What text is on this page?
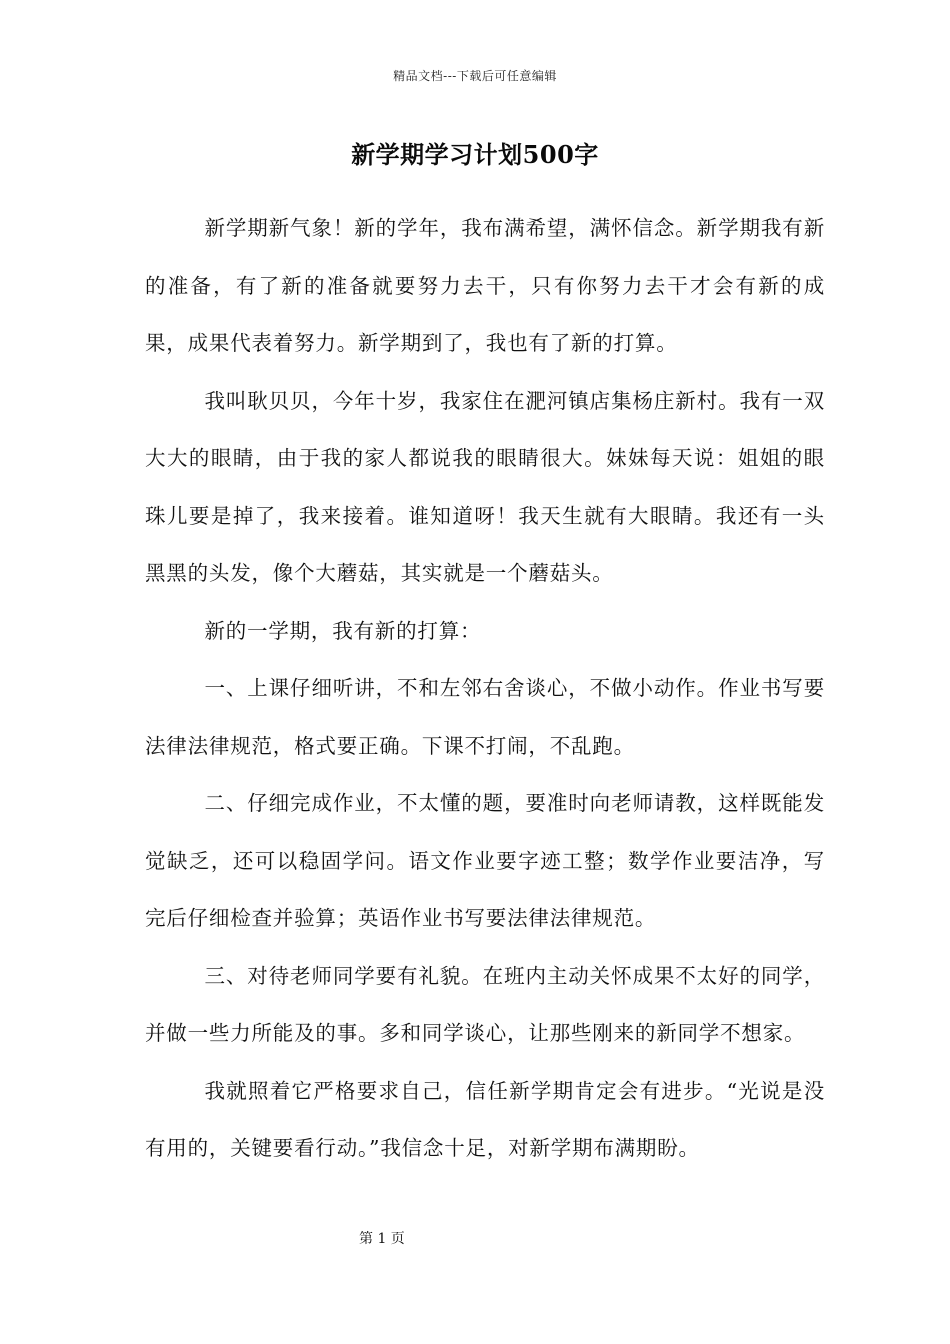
精品文档---下载后可任意编辑
新学期学习计划500字

新学期新气象！新的学年，我布满希望，满怀信念。新学期我有新的准备，有了新的准备就要努力去干，只有你努力去干才会有新的成果，成果代表着努力。新学期到了，我也有了新的打算。

我叫耿贝贝，今年十岁，我家住在淝河镇店集杨庄新村。我有一双大大的眼睛，由于我的家人都说我的眼睛很大。妹妹每天说：姐姐的眼珠儿要是掉了，我来接着。谁知道呀！我天生就有大眼睛。我还有一头黑黑的头发，像个大蘑菇，其实就是一个蘑菇头。

新的一学期，我有新的打算：

一、上课仔细听讲，不和左邻右舍谈心，不做小动作。作业书写要法律法律规范，格式要正确。下课不打闹，不乱跑。

二、仔细完成作业，不太懂的题，要准时向老师请教，这样既能发觉缺乏，还可以稳固学问。语文作业要字迹工整；数学作业要洁净，写完后仔细检查并验算；英语作业书写要法律法律规范。

三、对待老师同学要有礼貌。在班内主动关怀成果不太好的同学，并做一些力所能及的事。多和同学谈心，让那些刚来的新同学不想家。

我就照着它严格要求自己，信任新学期肯定会有进步。“光说是没有用的，关键要看行动。”我信念十足，对新学期布满期盼。

第 1 页
